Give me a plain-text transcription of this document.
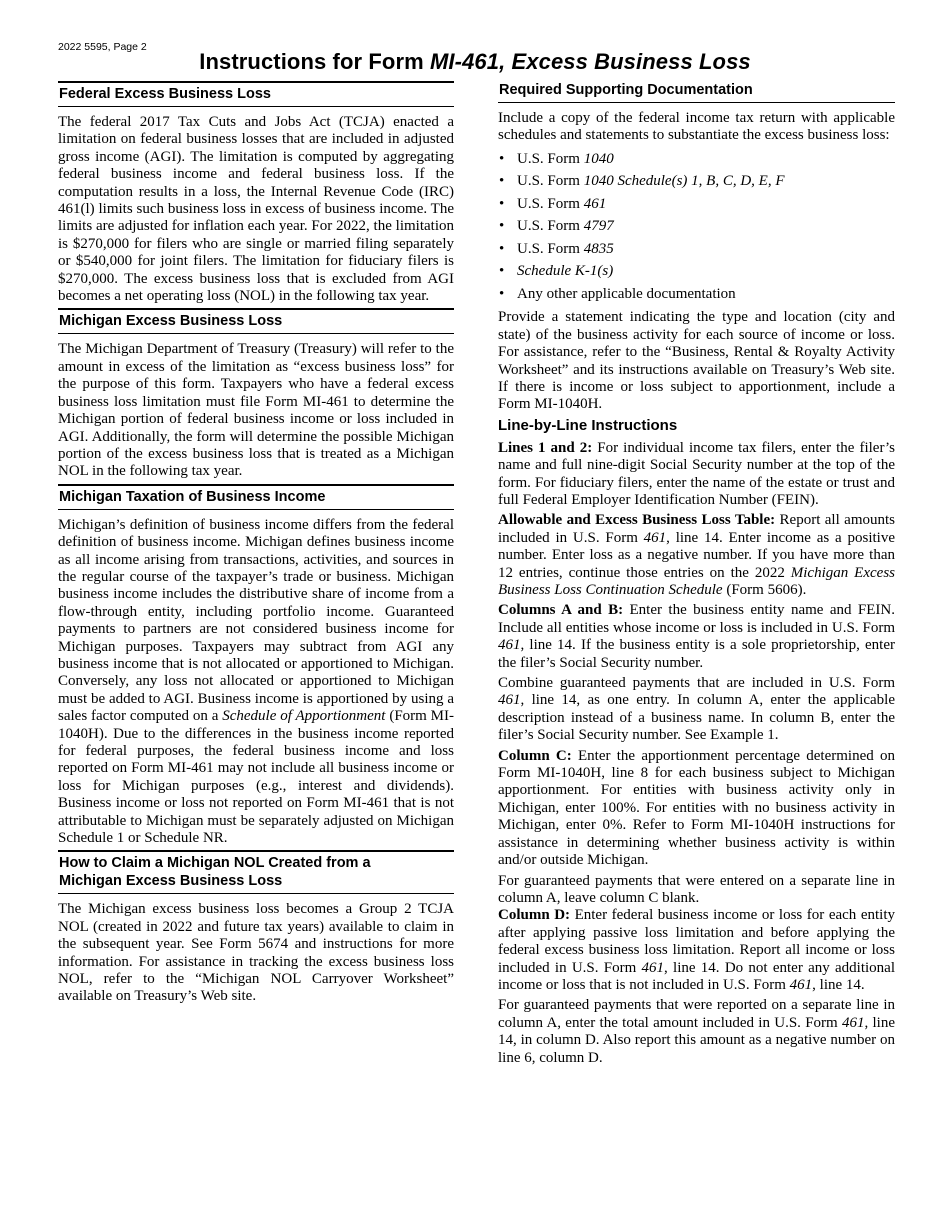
2022 5595, Page 2
Instructions for Form MI-461, Excess Business Loss
Federal Excess Business Loss

The federal 2017 Tax Cuts and Jobs Act (TCJA) enacted a limitation on federal business losses that are included in adjusted gross income (AGI). The limitation is computed by aggregating federal business income and federal business loss. If the computation results in a loss, the Internal Revenue Code (IRC) 461(l) limits such business loss in excess of business income. The limits are adjusted for inflation each year. For 2022, the limitation is $270,000 for filers who are single or married filing separately or $540,000 for joint filers. The limitation for fiduciary filers is $270,000. The excess business loss that is excluded from AGI becomes a net operating loss (NOL) in the following tax year.

Michigan Excess Business Loss

The Michigan Department of Treasury (Treasury) will refer to the amount in excess of the limitation as “excess business loss” for the purpose of this form. Taxpayers who have a federal excess business loss limitation must file Form MI-461 to determine the Michigan portion of federal business income or loss included in AGI. Additionally, the form will determine the possible Michigan portion of the excess business loss that is treated as a Michigan NOL in the following tax year.

Michigan Taxation of Business Income

Michigan’s definition of business income differs from the federal definition of business income. Michigan defines business income as all income arising from transactions, activities, and sources in the regular course of the taxpayer’s trade or business. Michigan business income includes the distributive share of income from a flow-through entity, including portfolio income. Guaranteed payments to partners are not considered business income for Michigan purposes. Taxpayers may subtract from AGI any business income that is not allocated or apportioned to Michigan. Conversely, any loss not allocated or apportioned to Michigan must be added to AGI. Business income is apportioned by using a sales factor computed on a Schedule of Apportionment (Form MI-1040H). Due to the differences in the business income reported for federal purposes, the federal business income and loss reported on Form MI-461 may not include all business income or loss for Michigan purposes (e.g., interest and dividends). Business income or loss not reported on Form MI-461 that is not attributable to Michigan must be separately adjusted on Michigan Schedule 1 or Schedule NR.

How to Claim a Michigan NOL Created from a
Michigan Excess Business Loss

The Michigan excess business loss becomes a Group 2 TCJA NOL (created in 2022 and future tax years) available to claim in the subsequent year. See Form 5674 and instructions for more information. For assistance in tracking the excess business loss NOL, refer to the “Michigan NOL Carryover Worksheet” available on Treasury’s Web site.

Required Supporting Documentation

Include a copy of the federal income tax return with applicable schedules and statements to substantiate the excess business loss:

• U.S. Form 1040
• U.S. Form 1040 Schedule(s) 1, B, C, D, E, F
• U.S. Form 461
• U.S. Form 4797
• U.S. Form 4835
• Schedule K-1(s)
• Any other applicable documentation

Provide a statement indicating the type and location (city and state) of the business activity for each source of income or loss. For assistance, refer to the “Business, Rental & Royalty Activity Worksheet” and its instructions available on Treasury’s Web site. If there is income or loss subject to apportionment, include a Form MI-1040H.

Line-by-Line Instructions

Lines 1 and 2: For individual income tax filers, enter the filer’s name and full nine-digit Social Security number at the top of the form. For fiduciary filers, enter the name of the estate or trust and full Federal Employer Identification Number (FEIN).

Allowable and Excess Business Loss Table: Report all amounts included in U.S. Form 461, line 14. Enter income as a positive number. Enter loss as a negative number. If you have more than 12 entries, continue those entries on the 2022 Michigan Excess Business Loss Continuation Schedule (Form 5606).

Columns A and B: Enter the business entity name and FEIN. Include all entities whose income or loss is included in U.S. Form 461, line 14. If the business entity is a sole proprietorship, enter the filer’s Social Security number.

Combine guaranteed payments that are included in U.S. Form 461, line 14, as one entry. In column A, enter the applicable description instead of a business name. In column B, enter the filer’s Social Security number. See Example 1.

Column C: Enter the apportionment percentage determined on Form MI-1040H, line 8 for each business subject to Michigan apportionment. For entities with business activity only in Michigan, enter 100%. For entities with no business activity in Michigan, enter 0%. Refer to Form MI-1040H instructions for assistance in determining whether business activity is within and/or outside Michigan.

For guaranteed payments that were entered on a separate line in column A, leave column C blank.

Column D: Enter federal business income or loss for each entity after applying passive loss limitation and before applying the federal excess business loss limitation. Report all income or loss included in U.S. Form 461, line 14. Do not enter any additional income or loss that is not included in U.S. Form 461, line 14.

For guaranteed payments that were reported on a separate line in column A, enter the total amount included in U.S. Form 461, line 14, in column D. Also report this amount as a negative number on line 6, column D.
